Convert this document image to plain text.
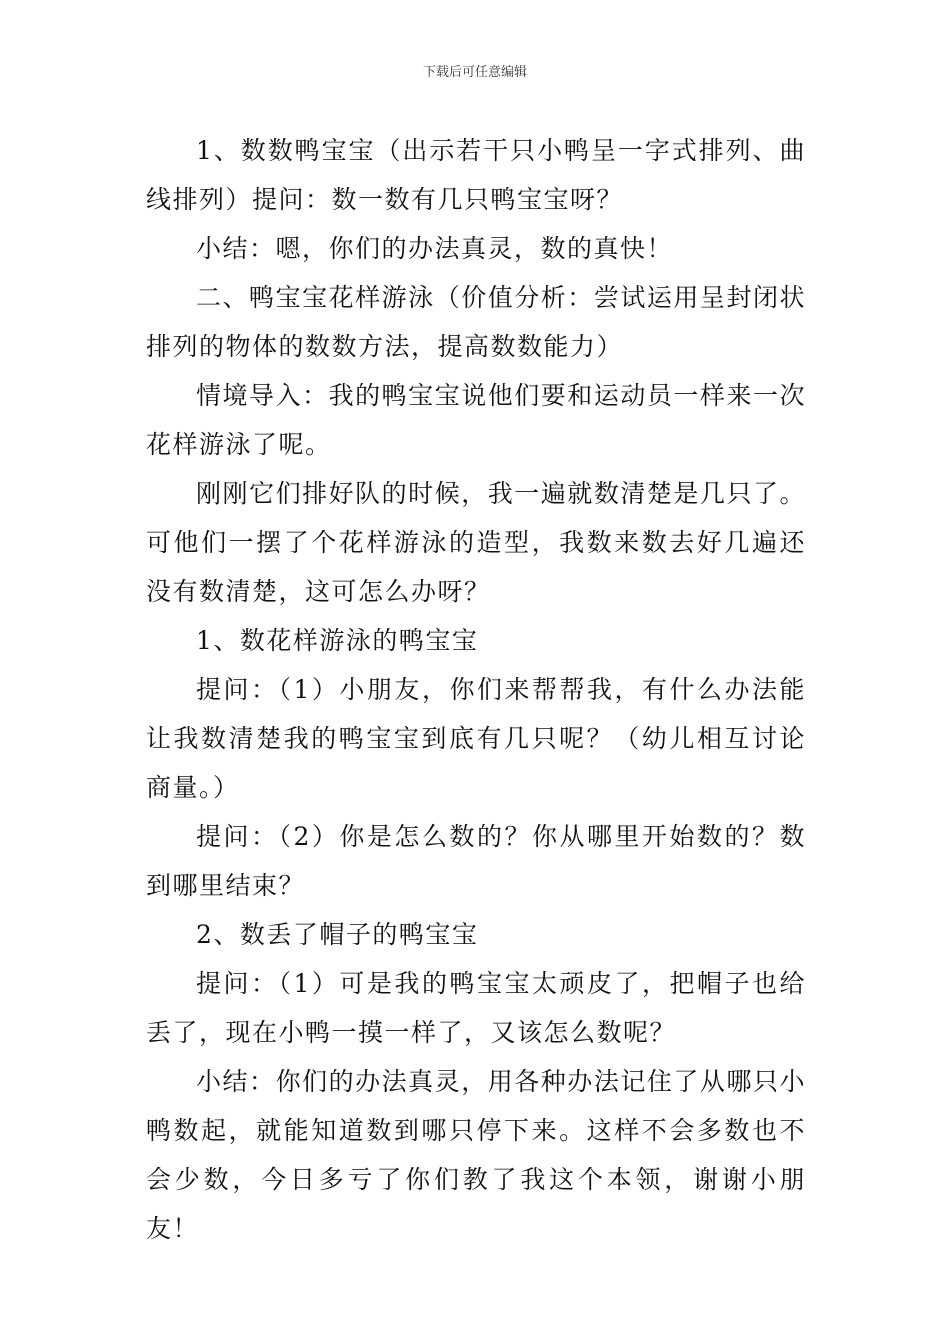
下载后可任意编辑

1、数数鸭宝宝（出示若干只小鸭呈一字式排列、曲线排列）提问：数一数有几只鸭宝宝呀？

小结：嗯，你们的办法真灵，数的真快！

二、鸭宝宝花样游泳（价值分析：尝试运用呈封闭状排列的物体的数数方法，提高数数能力）

情境导入：我的鸭宝宝说他们要和运动员一样来一次花样游泳了呢。

刚刚它们排好队的时候，我一遍就数清楚是几只了。可他们一摆了个花样游泳的造型，我数来数去好几遍还没有数清楚，这可怎么办呀？

1、数花样游泳的鸭宝宝

提问：（1）小朋友，你们来帮帮我，有什么办法能让我数清楚我的鸭宝宝到底有几只呢？（幼儿相互讨论商量。）

提问：（2）你是怎么数的？你从哪里开始数的？数到哪里结束？

2、数丢了帽子的鸭宝宝

提问：（1）可是我的鸭宝宝太顽皮了，把帽子也给丢了，现在小鸭一摸一样了，又该怎么数呢？

小结：你们的办法真灵，用各种办法记住了从哪只小鸭数起，就能知道数到哪只停下来。这样不会多数也不会少数，今日多亏了你们教了我这个本领，谢谢小朋友！
